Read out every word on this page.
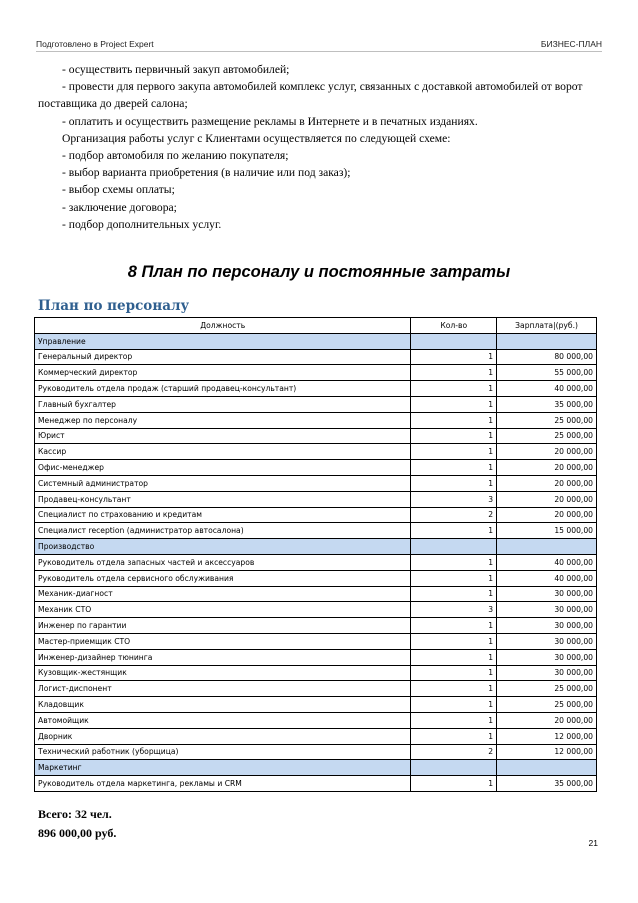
Подготовлено в Project Expert	БИЗНЕС-ПЛАН

- осуществить первичный закуп автомобилей;

- провести для первого закупа автомобилей комплекс услуг, связанных с доставкой автомобилей от ворот поставщика до дверей салона;

- оплатить и осуществить размещение рекламы в Интернете и в печатных изданиях.

Организация работы услуг с Клиентами осуществляется по следующей схеме:

- подбор автомобиля по желанию покупателя;

- выбор варианта приобретения (в наличие или под заказ);

- выбор схемы оплаты;

- заключение договора;

- подбор дополнительных услуг.

8 План по персоналу и постоянные затраты
План по персоналу
Должность	Кол-во	Зарплата|(руб.)
Управление		
Генеральный директор	1	80 000,00
Коммерческий директор	1	55 000,00
Руководитель отдела продаж (старший продавец-консультант)	1	40 000,00
Главный бухгалтер	1	35 000,00
Менеджер по персоналу	1	25 000,00
Юрист	1	25 000,00
Кассир	1	20 000,00
Офис-менеджер	1	20 000,00
Системный администратор	1	20 000,00
Продавец-консультант	3	20 000,00
Специалист по страхованию и кредитам	2	20 000,00
Специалист reception (администратор автосалона)	1	15 000,00
Производство		
Руководитель отдела запасных частей и аксессуаров	1	40 000,00
Руководитель отдела сервисного обслуживания	1	40 000,00
Механик-диагност	1	30 000,00
Механик СТО	3	30 000,00
Инженер по гарантии	1	30 000,00
Мастер-приемщик СТО	1	30 000,00
Инженер-дизайнер тюнинга	1	30 000,00
Кузовщик-жестянщик	1	30 000,00
Логист-диспонент	1	25 000,00
Кладовщик	1	25 000,00
Автомойщик	1	20 000,00
Дворник	1	12 000,00
Технический работник (уборщица)	2	12 000,00
Маркетинг		
Руководитель отдела маркетинга, рекламы и CRM	1	35 000,00
Всего: 32 чел.
896 000,00 руб.
21
